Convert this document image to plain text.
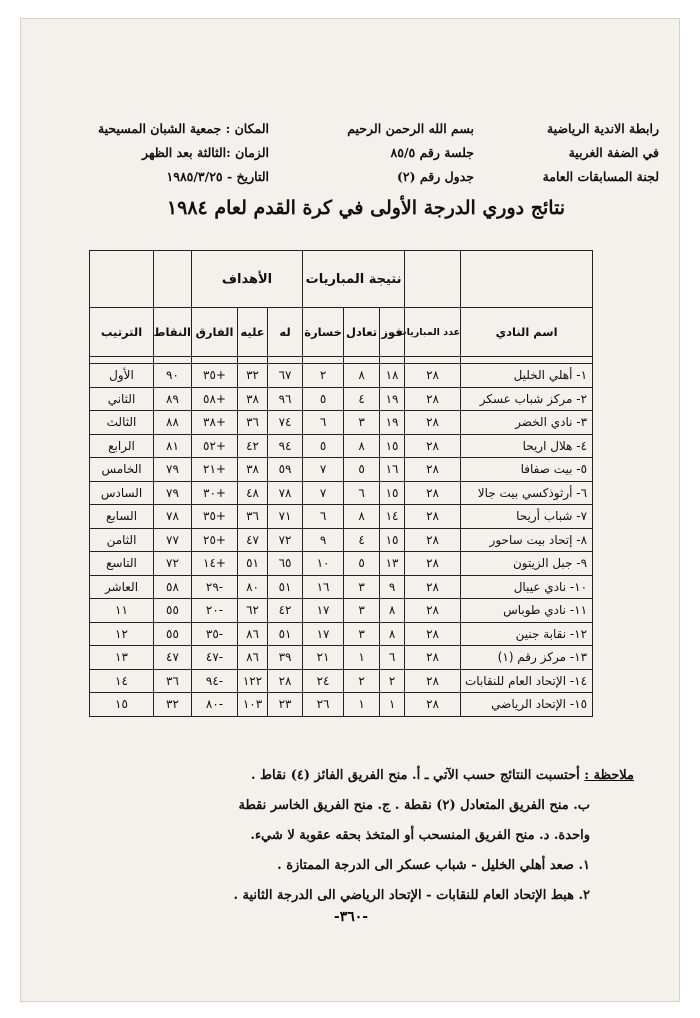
رابطة الاندية الرياضية
في الضفة الغربية
لجنة المسابقات العامة
بسم الله الرحمن الرحيم
جلسة رقم ٨٥/٥
جدول رقم (٢)
المكان : جمعية الشبان المسيحية
الزمان :الثالثة بعد الظهر
التاريخ - ١٩٨٥/٣/٢٥
نتائج دوري الدرجة الأولى في كرة القدم لعام ١٩٨٤
		نتيجة المباريات			الأهداف				
اسم النادي	عدد المباريات	فوز	تعادل	خسارة	له	عليه	الفارق	النقاط	الترتيب

١- أهلي الخليل	٢٨	١٨	٨	٢	٦٧	٣٢	+٣٥	٩٠	الأول
٢- مركز شباب عسكر	٢٨	١٩	٤	٥	٩٦	٣٨	+٥٨	٨٩	الثاني
٣- نادي الخضر	٢٨	١٩	٣	٦	٧٤	٣٦	+٣٨	٨٨	الثالث
٤- هلال اريحا	٢٨	١٥	٨	٥	٩٤	٤٢	+٥٢	٨١	الرابع
٥- بيت صفافا	٢٨	١٦	٥	٧	٥٩	٣٨	+٢١	٧٩	الخامس
٦- أرثوذكسي بيت جالا	٢٨	١٥	٦	٧	٧٨	٤٨	+٣٠	٧٩	السادس
٧- شباب أريحا	٢٨	١٤	٨	٦	٧١	٣٦	+٣٥	٧٨	السابع
٨- إتحاد بيت ساحور	٢٨	١٥	٤	٩	٧٢	٤٧	+٢٥	٧٧	الثامن
٩- جبل الزيتون	٢٨	١٣	٥	١٠	٦٥	٥١	+١٤	٧٢	التاسع
١٠- نادي عيبال	٢٨	٩	٣	١٦	٥١	٨٠	-٢٩	٥٨	العاشر
١١- نادي طوباس	٢٨	٨	٣	١٧	٤٢	٦٢	-٢٠	٥٥	١١
١٢- نقابة جنين	٢٨	٨	٣	١٧	٥١	٨٦	-٣٥	٥٥	١٢
١٣- مركز رقم (١)	٢٨	٦	١	٢١	٣٩	٨٦	-٤٧	٤٧	١٣
١٤- الإتحاد العام للنقابات	٢٨	٢	٢	٢٤	٢٨	١٢٢	-٩٤	٣٦	١٤
١٥- الإتحاد الرياضي	٢٨	١	١	٢٦	٢٣	١٠٣	-٨٠	٣٢	١٥
ملاحظة : أحتسبت النتائج حسب الآتي ـ أ. منح الفريق الفائز (٤) نقاط .
ب. منح الفريق المتعادل (٢) نقطة . ج. منح الفريق الخاسر نقطة
واحدة. د. منح الفريق المنسحب أو المتخذ بحقه عقوبة لا شيء.
١. صعد أهلي الخليل - شباب عسكر الى الدرجة الممتازة .
٢. هبط الإتحاد العام للنقابات - الإتحاد الرياضي الى الدرجة الثانية .
-٣٦٠-
